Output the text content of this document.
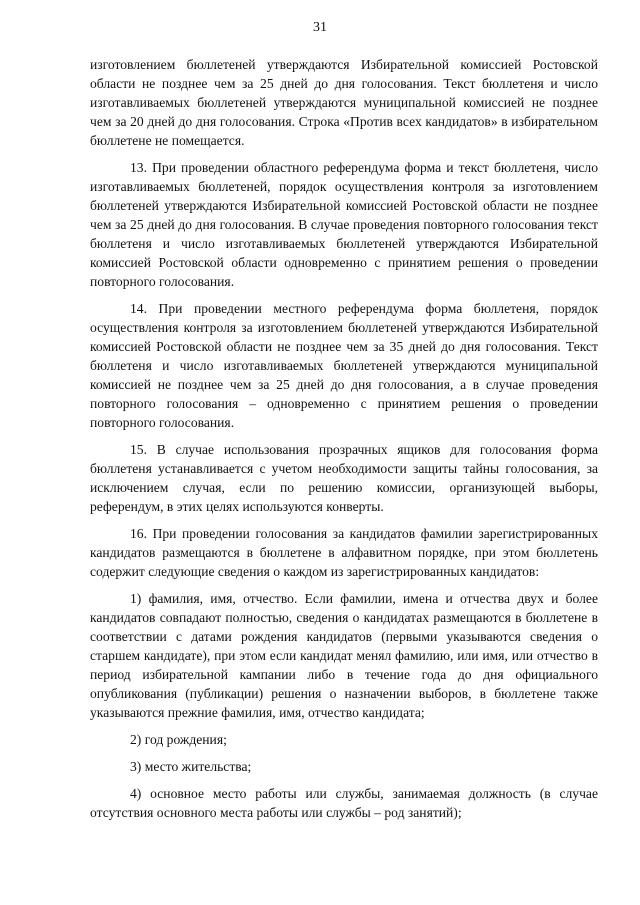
31

изготовлением бюллетеней утверждаются Избирательной комиссией Ростовской области не позднее чем за 25 дней до дня голосования. Текст бюллетеня и число изготавливаемых бюллетеней утверждаются муниципальной комиссией не позднее чем за 20 дней до дня голосования. Строка «Против всех кандидатов» в избирательном бюллетене не помещается.

13. При проведении областного референдума форма и текст бюллетеня, число изготавливаемых бюллетеней, порядок осуществления контроля за изготовлением бюллетеней утверждаются Избирательной комиссией Ростовской области не позднее чем за 25 дней до дня голосования. В случае проведения повторного голосования текст бюллетеня и число изготавливаемых бюллетеней утверждаются Избирательной комиссией Ростовской области одновременно с принятием решения о проведении повторного голосования.

14. При проведении местного референдума форма бюллетеня, порядок осуществления контроля за изготовлением бюллетеней утверждаются Избирательной комиссией Ростовской области не позднее чем за 35 дней до дня голосования. Текст бюллетеня и число изготавливаемых бюллетеней утверждаются муниципальной комиссией не позднее чем за 25 дней до дня голосования, а в случае проведения повторного голосования – одновременно с принятием решения о проведении повторного голосования.

15. В случае использования прозрачных ящиков для голосования форма бюллетеня устанавливается с учетом необходимости защиты тайны голосования, за исключением случая, если по решению комиссии, организующей выборы, референдум, в этих целях используются конверты.

16. При проведении голосования за кандидатов фамилии зарегистрированных кандидатов размещаются в бюллетене в алфавитном порядке, при этом бюллетень содержит следующие сведения о каждом из зарегистрированных кандидатов:

1) фамилия, имя, отчество. Если фамилии, имена и отчества двух и более кандидатов совпадают полностью, сведения о кандидатах размещаются в бюллетене в соответствии с датами рождения кандидатов (первыми указываются сведения о старшем кандидате), при этом если кандидат менял фамилию, или имя, или отчество в период избирательной кампании либо в течение года до дня официального опубликования (публикации) решения о назначении выборов, в бюллетене также указываются прежние фамилия, имя, отчество кандидата;

2) год рождения;

3) место жительства;

4) основное место работы или службы, занимаемая должность (в случае отсутствия основного места работы или службы – род занятий);
